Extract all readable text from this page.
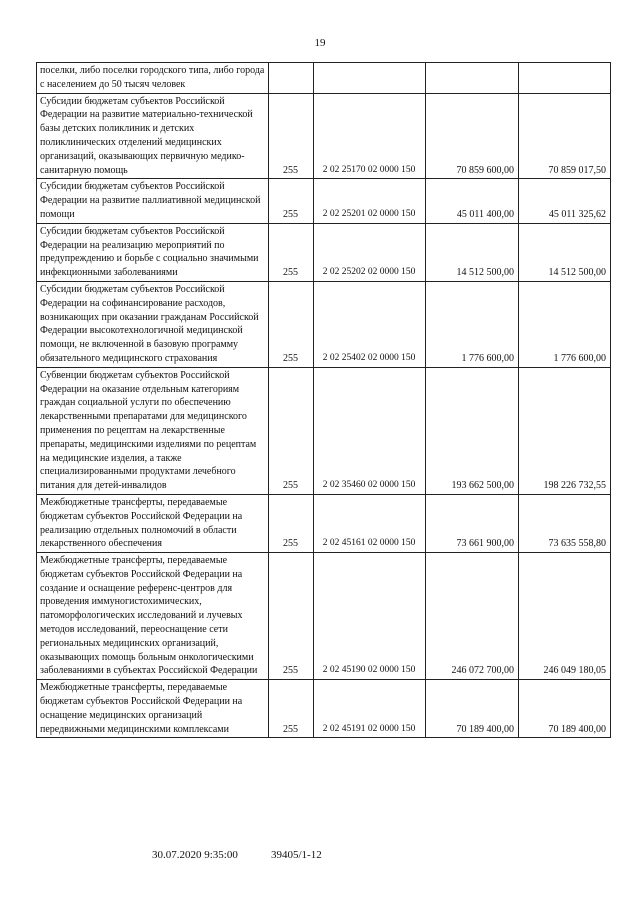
19
поселки, либо поселки городского типа, либо города с населением до 50 тысяч человек				
Субсидии бюджетам субъектов Российской Федерации на развитие материально-технической базы детских поликлиник и детских поликлинических отделений медицинских организаций, оказывающих первичную медико-санитарную помощь	255	2 02 25170 02 0000 150	70 859 600,00	70 859 017,50
Субсидии бюджетам субъектов Российской Федерации на развитие паллиативной медицинской помощи	255	2 02 25201 02 0000 150	45 011 400,00	45 011 325,62
Субсидии бюджетам субъектов Российской Федерации на реализацию мероприятий по предупреждению и борьбе с социально значимыми инфекционными заболеваниями	255	2 02 25202 02 0000 150	14 512 500,00	14 512 500,00
Субсидии бюджетам субъектов Российской Федерации на софинансирование расходов, возникающих при оказании гражданам Российской Федерации высокотехнологичной медицинской помощи, не включенной в базовую программу обязательного медицинского страхования	255	2 02 25402 02 0000 150	1 776 600,00	1 776 600,00
Субвенции бюджетам субъектов Российской Федерации на оказание отдельным категориям граждан социальной услуги по обеспечению лекарственными препаратами для медицинского применения по рецептам на лекарственные препараты, медицинскими изделиями по рецептам на медицинские изделия, а также специализированными продуктами лечебного питания для детей-инвалидов	255	2 02 35460 02 0000 150	193 662 500,00	198 226 732,55
Межбюджетные трансферты, передаваемые бюджетам субъектов Российской Федерации на реализацию отдельных полномочий в области лекарственного обеспечения	255	2 02 45161 02 0000 150	73 661 900,00	73 635 558,80
Межбюджетные трансферты, передаваемые бюджетам субъектов Российской Федерации на создание и оснащение референс-центров для проведения иммуногистохимических, патоморфологических исследований и лучевых методов исследований, переоснащение сети региональных медицинских организаций, оказывающих помощь больным онкологическими заболеваниями в субъектах Российской Федерации	255	2 02 45190 02 0000 150	246 072 700,00	246 049 180,05
Межбюджетные трансферты, передаваемые бюджетам субъектов Российской Федерации на оснащение медицинских организаций передвижными медицинскими комплексами	255	2 02 45191 02 0000 150	70 189 400,00	70 189 400,00
30.07.2020 9:35:00	39405/1-12
